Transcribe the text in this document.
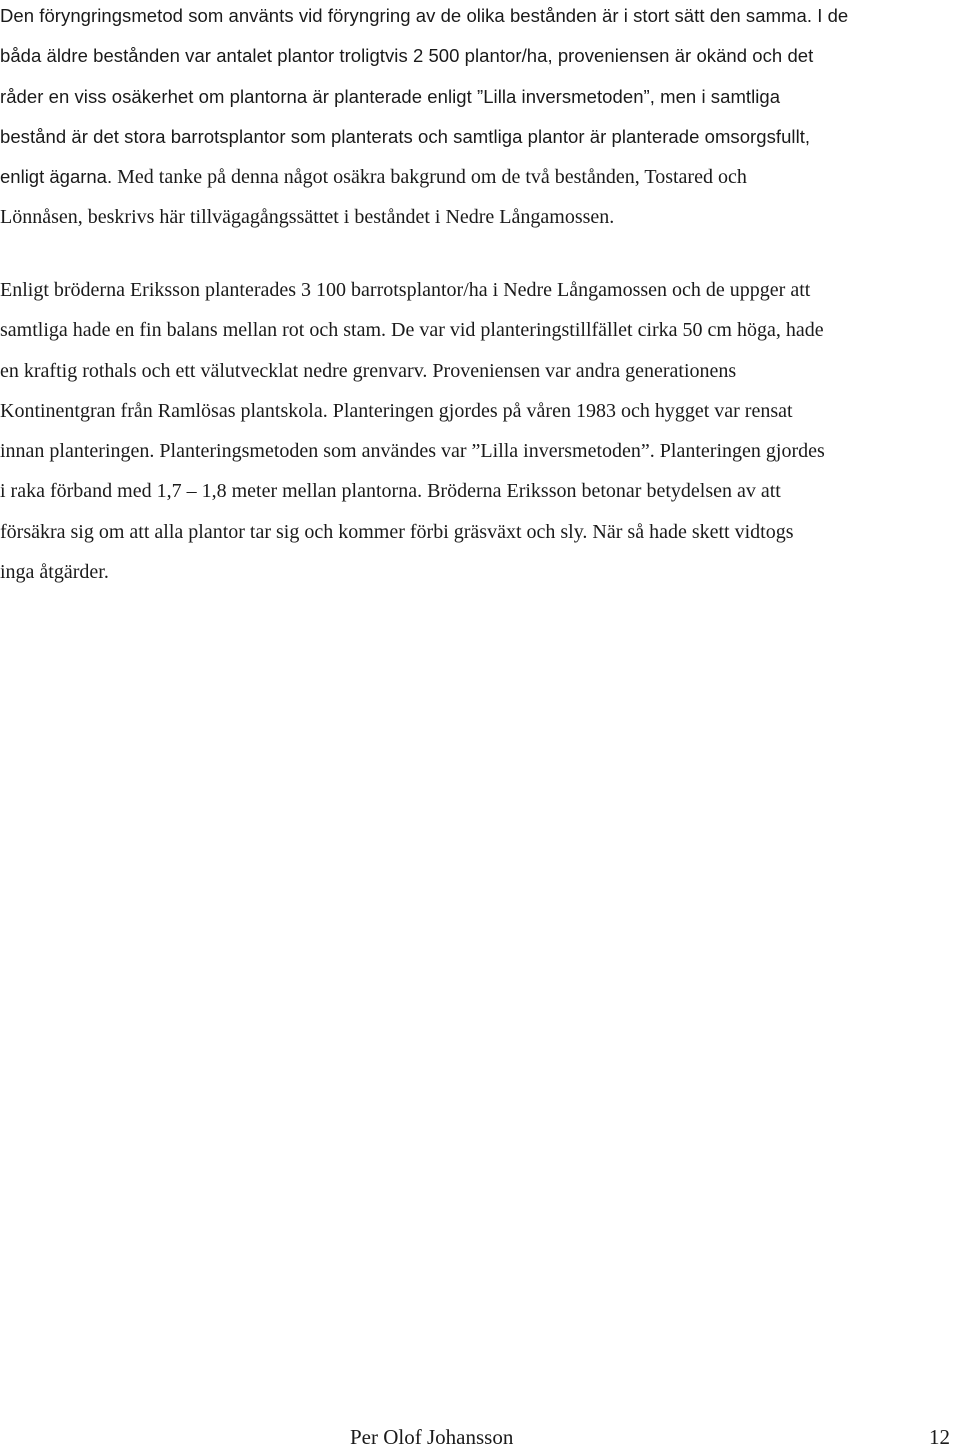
Den föryngringsmetod som använts vid föryngring av de olika bestånden är i stort sätt den samma. I de
båda äldre bestånden var antalet plantor troligtvis 2 500 plantor/ha, proveniensen är okänd och det
råder en viss osäkerhet om plantorna är planterade enligt ”Lilla inversmetoden”, men i samtliga
bestånd är det stora barrotsplantor som planterats och samtliga plantor är planterade omsorgsfullt,
enligt ägarna. Med tanke på denna något osäkra bakgrund om de två bestånden, Tostared och
Lönnåsen, beskrivs här tillvägagångssättet i beståndet i Nedre Långamossen.
Enligt bröderna Eriksson planterades 3 100 barrotsplantor/ha i Nedre Långamossen och de uppger att
samtliga hade en fin balans mellan rot och stam. De var vid planteringstillfället cirka 50 cm höga, hade
en kraftig rothals och ett välutvecklat nedre grenvarv. Proveniensen var andra generationens
Kontinentgran från Ramlösas plantskola. Planteringen gjordes på våren 1983 och hygget var rensat
innan planteringen. Planteringsmetoden som användes var ”Lilla inversmetoden”. Planteringen gjordes
i raka förband med 1,7 – 1,8 meter mellan plantorna. Bröderna Eriksson betonar betydelsen av att
försäkra sig om att alla plantor tar sig och kommer förbi gräsväxt och sly. När så hade skett vidtogs
inga åtgärder.
Per Olof Johansson	12
